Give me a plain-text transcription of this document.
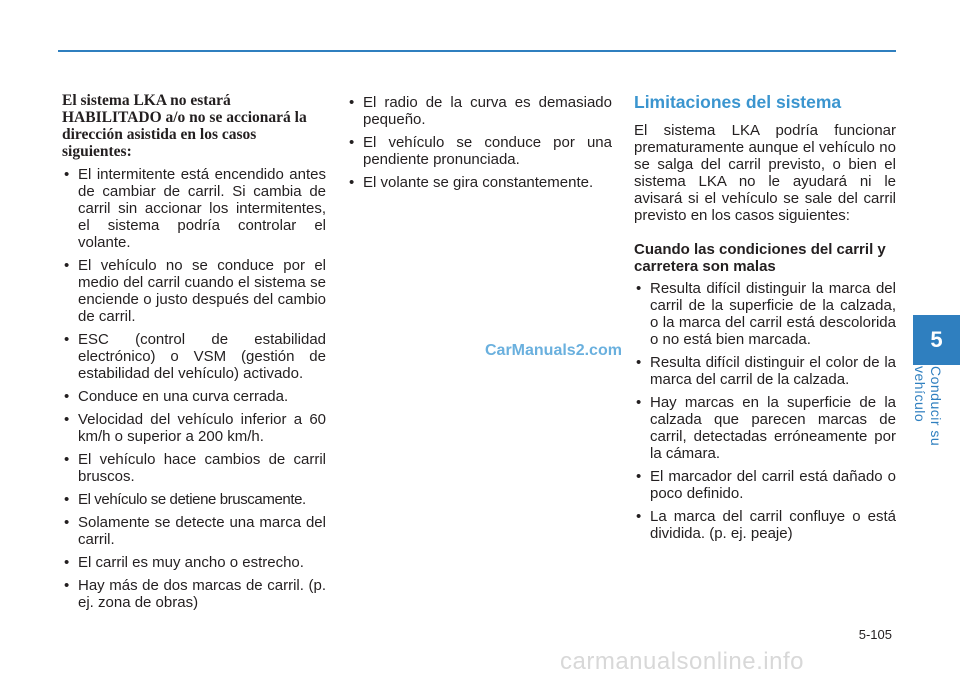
El sistema LKA no estará HABILITADO a/o no se accionará la dirección asistida en los casos siguientes:

• El intermitente está encendido antes de cambiar de carril. Si cambia de carril sin accionar los intermitentes, el sistema podría controlar el volante.
• El vehículo no se conduce por el medio del carril cuando el sistema se enciende o justo después del cambio de carril.
• ESC (control de estabilidad electrónico) o VSM (gestión de estabilidad del vehículo) activado.
• Conduce en una curva cerrada.
• Velocidad del vehículo inferior a 60 km/h o superior a 200 km/h.
• El vehículo hace cambios de carril bruscos.
• El vehículo se detiene bruscamente.
• Solamente se detecte una marca del carril.
• El carril es muy ancho o estrecho.
• Hay más de dos marcas de carril. (p. ej. zona de obras)
• El radio de la curva es demasiado pequeño.
• El vehículo se conduce por una pendiente pronunciada.
• El volante se gira constantemente.
Limitaciones del sistema

El sistema LKA podría funcionar prematuramente aunque el vehículo no se salga del carril previsto, o bien el sistema LKA no le ayudará ni le avisará si el vehículo se sale del carril previsto en los casos siguientes:

Cuando las condiciones del carril y carretera son malas

• Resulta difícil distinguir la marca del carril de la superficie de la calzada, o la marca del carril está descolorida o no está bien marcada.
• Resulta difícil distinguir el color de la marca del carril de la calzada.
• Hay marcas en la superficie de la calzada que parecen marcas de carril, detectadas erróneamente por la cámara.
• El marcador del carril está dañado o poco definido.
• La marca del carril confluye o está dividida. (p. ej. peaje)
5
Conducir su vehículo
CarManuals2.com
5-105
carmanualsonline.info
